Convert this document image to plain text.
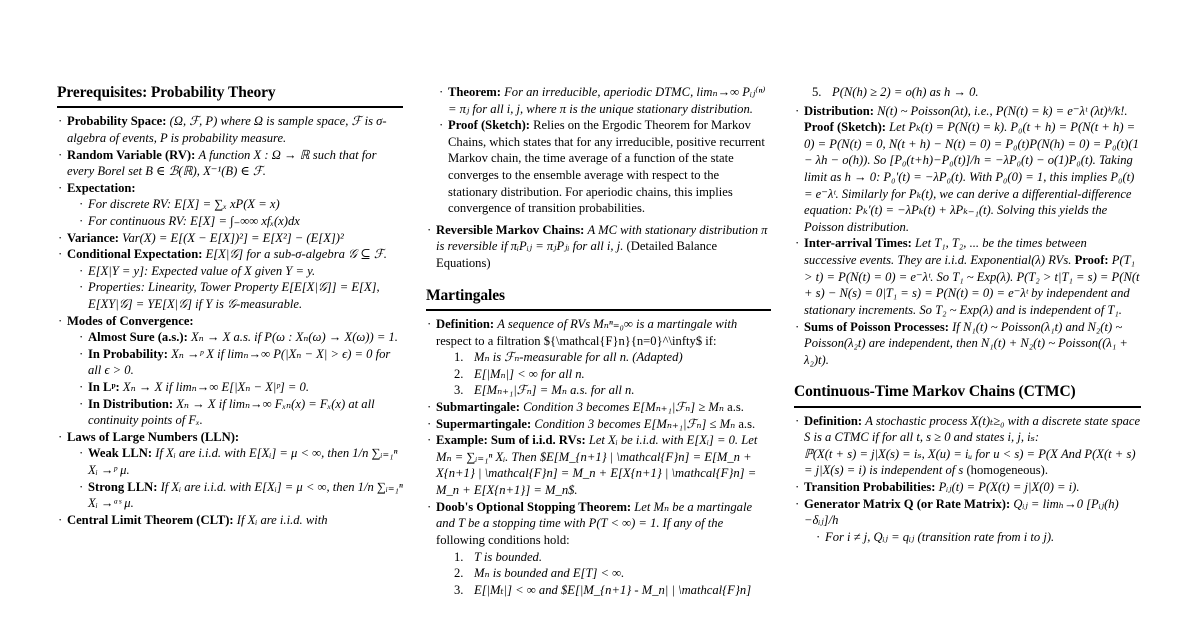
Prerequisites: Probability Theory
· Probability Space: (Ω, ℱ, P) where Ω is sample space, ℱ is σ-algebra of events, P is probability measure.
· Random Variable (RV): A function X : Ω → ℝ such that for every Borel set B ∈ ℬ(ℝ), X⁻¹(B) ∈ ℱ.
· Expectation:
· For discrete RV: E[X] = ∑ₓ xP(X = x)
· For continuous RV: E[X] = ∫₋∞∞ xfₓ(x)dx
· Variance: Var(X) = E[(X − E[X])²] = E[X²] − (E[X])²
· Conditional Expectation: E[X|𝒢] for a sub-σ-algebra 𝒢 ⊆ ℱ.
· E[X|Y = y]: Expected value of X given Y = y.
· Properties: Linearity, Tower Property E[E[X|𝒢]] = E[X], E[XY|𝒢] = YE[X|𝒢] if Y is 𝒢-measurable.
· Modes of Convergence:
· Almost Sure (a.s.): Xₙ → X a.s. if P(ω : Xₙ(ω) → X(ω)) = 1.
· In Probability: Xₙ →ᵖ X if limₙ→∞ P(|Xₙ − X| > ϵ) = 0 for all ϵ > 0.
· In Lᵖ: Xₙ → X if limₙ→∞ E[|Xₙ − X|ᵖ] = 0.
· In Distribution: Xₙ → X if limₙ→∞ Fₓₙ(x) = Fₓ(x) at all continuity points of Fₓ.
· Laws of Large Numbers (LLN):
· Weak LLN: If Xᵢ are i.i.d. with E[Xᵢ] = μ < ∞, then 1/n ∑ᵢ₌₁ⁿ Xᵢ →ᵖ μ.
· Strong LLN: If Xᵢ are i.i.d. with E[Xᵢ] = μ < ∞, then 1/n ∑ᵢ₌₁ⁿ Xᵢ →ᵃˢ μ.
· Central Limit Theorem (CLT): If Xᵢ are i.i.d. with
· Theorem: For an irreducible, aperiodic DTMC, limₙ→∞ Pᵢⱼ⁽ⁿ⁾ = πⱼ for all i, j, where π is the unique stationary distribution.
· Proof (Sketch): Relies on the Ergodic Theorem for Markov Chains, which states that for any irreducible, positive recurrent Markov chain, the time average of a function of the state converges to the ensemble average with respect to the stationary distribution. For aperiodic chains, this implies convergence of transition probabilities.
· Reversible Markov Chains: A MC with stationary distribution π is reversible if πᵢPᵢⱼ = πⱼPⱼᵢ for all i, j. (Detailed Balance Equations)
Martingales
· Definition: A sequence of RVs Mₙⁿ₌₀∞ is a martingale with respect to a filtration ${\mathcal{F}n}{n=0}^\infty$ if:
Mₙ is ℱₙ-measurable for all n. (Adapted)
E[|Mₙ|] < ∞ for all n.
E[Mₙ₊₁|ℱₙ] = Mₙ a.s. for all n.
· Submartingale: Condition 3 becomes E[Mₙ₊₁|ℱₙ] ≥ Mₙ a.s.
· Supermartingale: Condition 3 becomes E[Mₙ₊₁|ℱₙ] ≤ Mₙ a.s.
· Example: Sum of i.i.d. RVs: Let Xᵢ be i.i.d. with E[Xᵢ] = 0. Let Mₙ = ∑ᵢ₌₁ⁿ Xᵢ. Then $E[M_{n+1} | \mathcal{F}n] = E[M_n + X{n+1} | \mathcal{F}n] = M_n + E[X{n+1} | \mathcal{F}n] = M_n + E[X{n+1}] = M_n$.
· Doob's Optional Stopping Theorem: Let Mₙ be a martingale and T be a stopping time with P(T < ∞) = 1. If any of the following conditions hold:
T is bounded.
Mₙ is bounded and E[T] < ∞.
E[|Mₜ|] < ∞ and $E[|M_{n+1} - M_n| | \mathcal{F}n]
P(N(h) ≥ 2) = o(h) as h → 0.
· Distribution: N(t) ~ Poisson(λt), i.e., P(N(t) = k) = e⁻λᵗ (λt)ᵏ/k!. Proof (Sketch): Let Pₖ(t) = P(N(t) = k). P₀(t + h) = P(N(t + h) = 0) = P(N(t) = 0, N(t + h) − N(t) = 0) = P₀(t)P(N(h) = 0) = P₀(t)(1 − λh − o(h)). So [P₀(t+h)−P₀(t)]/h = −λP₀(t) − o(1)P₀(t). Taking limit as h → 0: P₀′(t) = −λP₀(t). With P₀(0) = 1, this implies P₀(t) = e⁻λᵗ. Similarly for Pₖ(t), we can derive a differential-difference equation: Pₖ′(t) = −λPₖ(t) + λPₖ₋₁(t). Solving this yields the Poisson distribution.
· Inter-arrival Times: Let T₁, T₂, ... be the times between successive events. They are i.i.d. Exponential(λ) RVs. Proof: P(T₁ > t) = P(N(t) = 0) = e⁻λᵗ. So T₁ ~ Exp(λ). P(T₂ > t|T₁ = s) = P(N(t + s) − N(s) = 0|T₁ = s) = P(N(t) = 0) = e⁻λᵗ by independent and stationary increments. So T₂ ~ Exp(λ) and is independent of T₁.
· Sums of Poisson Processes: If N₁(t) ~ Poisson(λ₁t) and N₂(t) ~ Poisson(λ₂t) are independent, then N₁(t) + N₂(t) ~ Poisson((λ₁ + λ₂)t).
Continuous-Time Markov Chains (CTMC)
· Definition: A stochastic process X(t)ₜ≥₀ with a discrete state space S is a CTMC if for all t, s ≥ 0 and states i, j, iₛ: ℙ(X(t + s) = j|X(s) = iₛ, X(u) = iᵤ for u < s) = P(X And P(X(t + s) = j|X(s) = i) is independent of s (homogeneous).
· Transition Probabilities: Pᵢⱼ(t) = P(X(t) = j|X(0) = i).
· Generator Matrix Q (or Rate Matrix): Qᵢⱼ = limₕ→0 [Pᵢⱼ(h)−δᵢⱼ]/h
· For i ≠ j, Qᵢⱼ = qᵢⱼ (transition rate from i to j).
